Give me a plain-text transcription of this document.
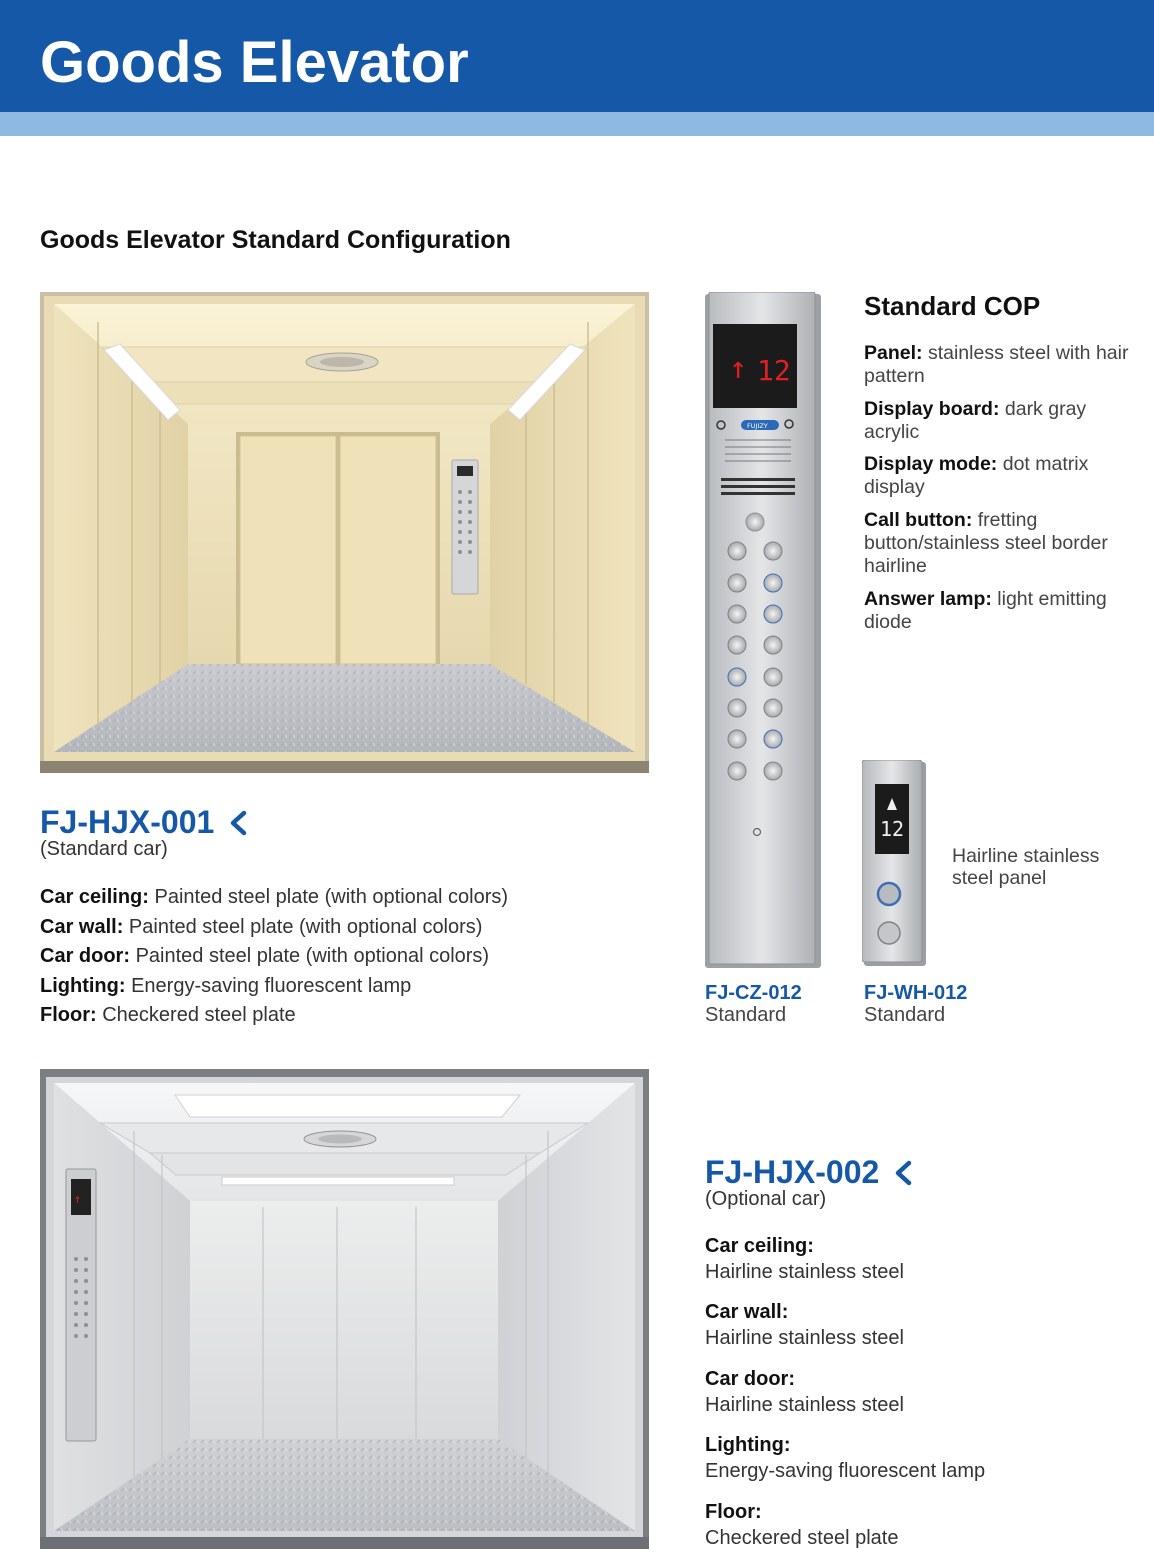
Goods Elevator
Goods Elevator Standard Configuration
FJ-HJX-001
(Standard car)
Car ceiling: Painted steel plate (with optional colors)
Car wall: Painted steel plate (with optional colors)
Car door: Painted steel plate (with optional colors)
Lighting: Energy-saving fluorescent lamp
Floor: Checkered steel plate
↑ 12
FUJIZY
Standard COP
Panel: stainless steel with hair pattern
Display board: dark gray acrylic
Display mode: dot matrix display
Call button: fretting button/stainless steel border hairline
Answer lamp: light emitting diode
12
Hairline stainless steel panel
FJ-CZ-012
Standard
FJ-WH-012
Standard
↑
FJ-HJX-002
(Optional car)
Car ceiling:
Hairline stainless steel
Car wall:
Hairline stainless steel
Car door:
Hairline stainless steel
Lighting:
Energy-saving fluorescent lamp
Floor:
Checkered steel plate
